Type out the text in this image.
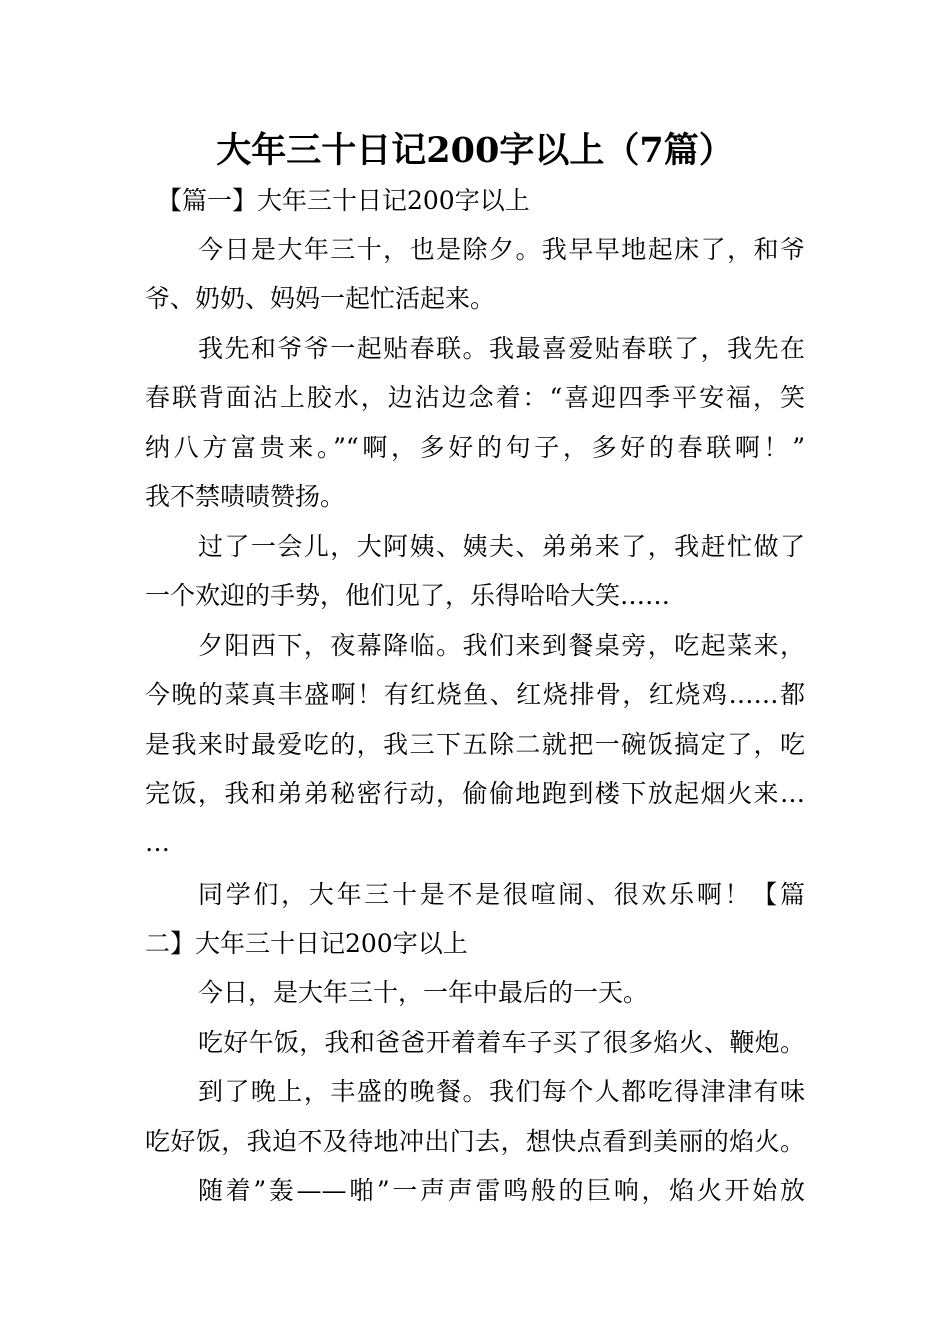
大年三十日记200字以上（7篇）
【篇一】大年三十日记200字以上
今日是大年三十，也是除夕。我早早地起床了，和爷
爷、奶奶、妈妈一起忙活起来。
我先和爷爷一起贴春联。我最喜爱贴春联了，我先在
春联背面沾上胶水，边沾边念着：“喜迎四季平安福，笑
纳八方富贵来。”“啊，多好的句子，多好的春联啊！”
我不禁啧啧赞扬。
过了一会儿，大阿姨、姨夫、弟弟来了，我赶忙做了
一个欢迎的手势，他们见了，乐得哈哈大笑……
夕阳西下，夜幕降临。我们来到餐桌旁，吃起菜来，
今晚的菜真丰盛啊！有红烧鱼、红烧排骨，红烧鸡……都
是我来时最爱吃的，我三下五除二就把一碗饭搞定了，吃
完饭，我和弟弟秘密行动，偷偷地跑到楼下放起烟火来…
…
同学们，大年三十是不是很喧闹、很欢乐啊！【篇
二】大年三十日记200字以上
今日，是大年三十，一年中最后的一天。
吃好午饭，我和爸爸开着着车子买了很多焰火、鞭炮。
到了晚上，丰盛的晚餐。我们每个人都吃得津津有味
吃好饭，我迫不及待地冲出门去，想快点看到美丽的焰火。
随着”轰——啪”一声声雷鸣般的巨响，焰火开始放
